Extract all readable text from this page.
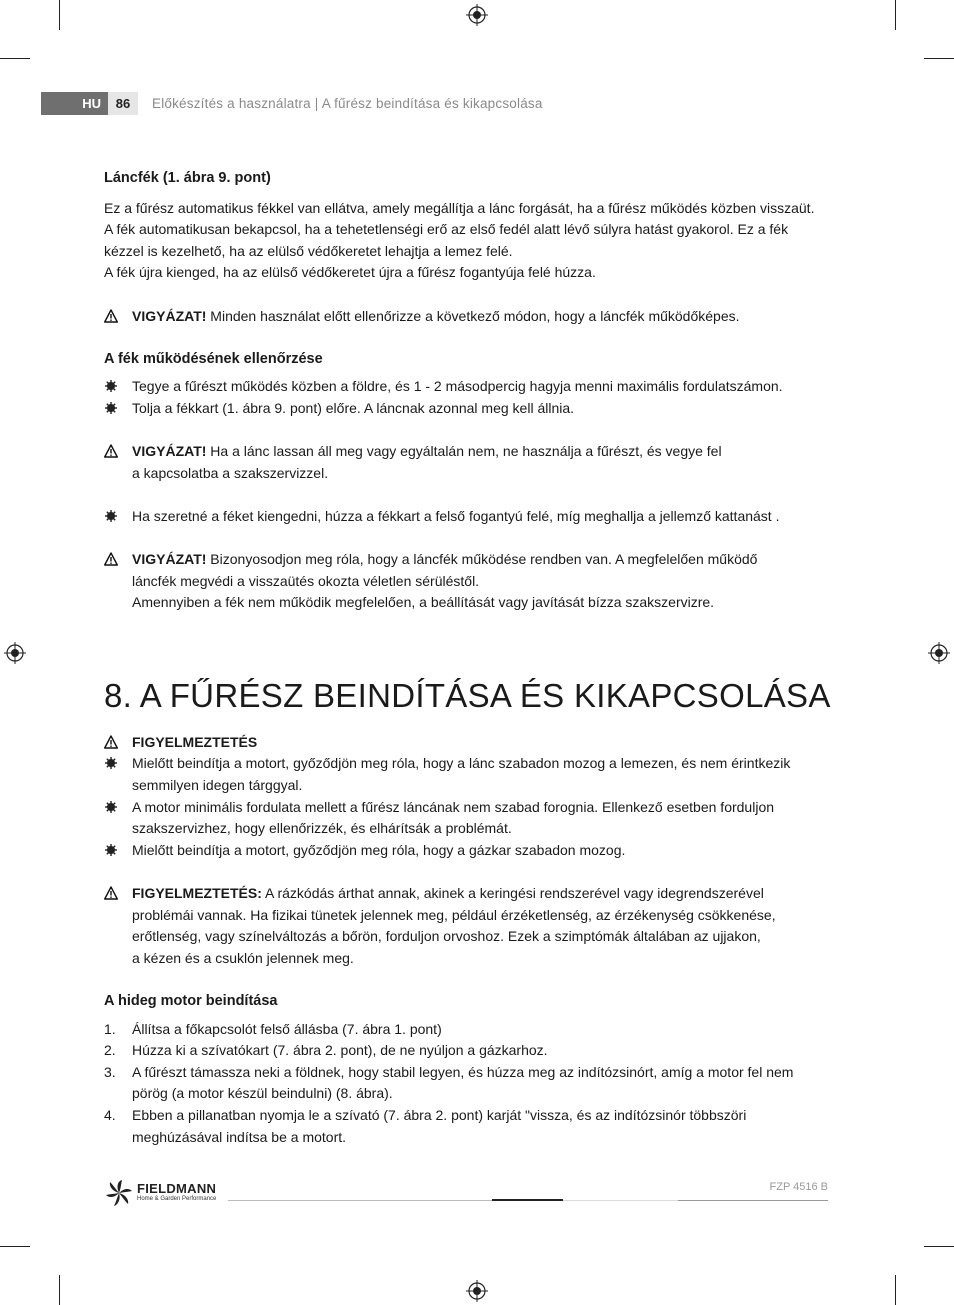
HU	86	Előkészítés a használatra | A fűrész beindítása és kikapcsolása

Láncfék (1. ábra 9. pont)

Ez a fűrész automatikus fékkel van ellátva, amely megállítja a lánc forgását, ha a fűrész működés közben visszaüt.

A fék automatikusan bekapcsol, ha a tehetetlenségi erő az első fedél alatt lévő súlyra hatást gyakorol. Ez a fék

kézzel is kezelhető, ha az elülső védőkeretet lehajtja a lemez felé.

A fék újra kienged, ha az elülső védőkeretet újra a fűrész fogantyúja felé húzza.

VIGYÁZAT! Minden használat előtt ellenőrizze a következő módon, hogy a láncfék működőképes.

A fék működésének ellenőrzése

Tegye a fűrészt működés közben a földre, és 1 - 2 másodpercig hagyja menni maximális fordulatszámon.

Tolja a fékkart (1. ábra 9. pont) előre. A láncnak azonnal meg kell állnia.

VIGYÁZAT! Ha a lánc lassan áll meg vagy egyáltalán nem, ne használja a fűrészt, és vegye fel

a kapcsolatba a szakszervizzel.

Ha szeretné a féket kiengedni, húzza a fékkart a felső fogantyú felé, míg meghallja a jellemző kattanást .

VIGYÁZAT! Bizonyosodjon meg róla, hogy a láncfék működése rendben van. A megfelelően működő

láncfék megvédi a visszaütés okozta véletlen sérüléstől.

Amennyiben a fék nem működik megfelelően, a beállítását vagy javítását bízza szakszervizre.

8. A FŰRÉSZ BEINDÍTÁSA ÉS KIKAPCSOLÁSA

FIGYELMEZTETÉS

Mielőtt beindítja a motort, győződjön meg róla, hogy a lánc szabadon mozog a lemezen, és nem érintkezik

semmilyen idegen tárggyal.

A motor minimális fordulata mellett a fűrész láncának nem szabad forognia. Ellenkező esetben forduljon

szakszervizhez, hogy ellenőrizzék, és elhárítsák a problémát.

Mielőtt beindítja a motort, győződjön meg róla, hogy a gázkar szabadon mozog.

FIGYELMEZTETÉS: A rázkódás árthat annak, akinek a keringési rendszerével vagy idegrendszerével

problémái vannak. Ha fizikai tünetek jelennek meg, például érzéketlenség, az érzékenység csökkenése,

erőtlenség, vagy színelváltozás a bőrön, forduljon orvoshoz. Ezek a szimptómák általában az ujjakon,

a kézen és a csuklón jelennek meg.

A hideg motor beindítása

1. Állítsa a főkapcsolót felső állásba (7. ábra 1. pont)

2. Húzza ki a szívatókart (7. ábra 2. pont), de ne nyúljon a gázkarhoz.

3. A fűrészt támassza neki a földnek, hogy stabil legyen, és húzza meg az indítózsinórt, amíg a motor fel nem

pörög (a motor készül beindulni) (8. ábra).

4. Ebben a pillanatban nyomja le a szívató (7. ábra 2. pont) karját "vissza, és az indítózsinór többszöri

meghúzásával indítsa be a motort.

FIELDMANN
Home & Garden Performance
FZP 4516 B
